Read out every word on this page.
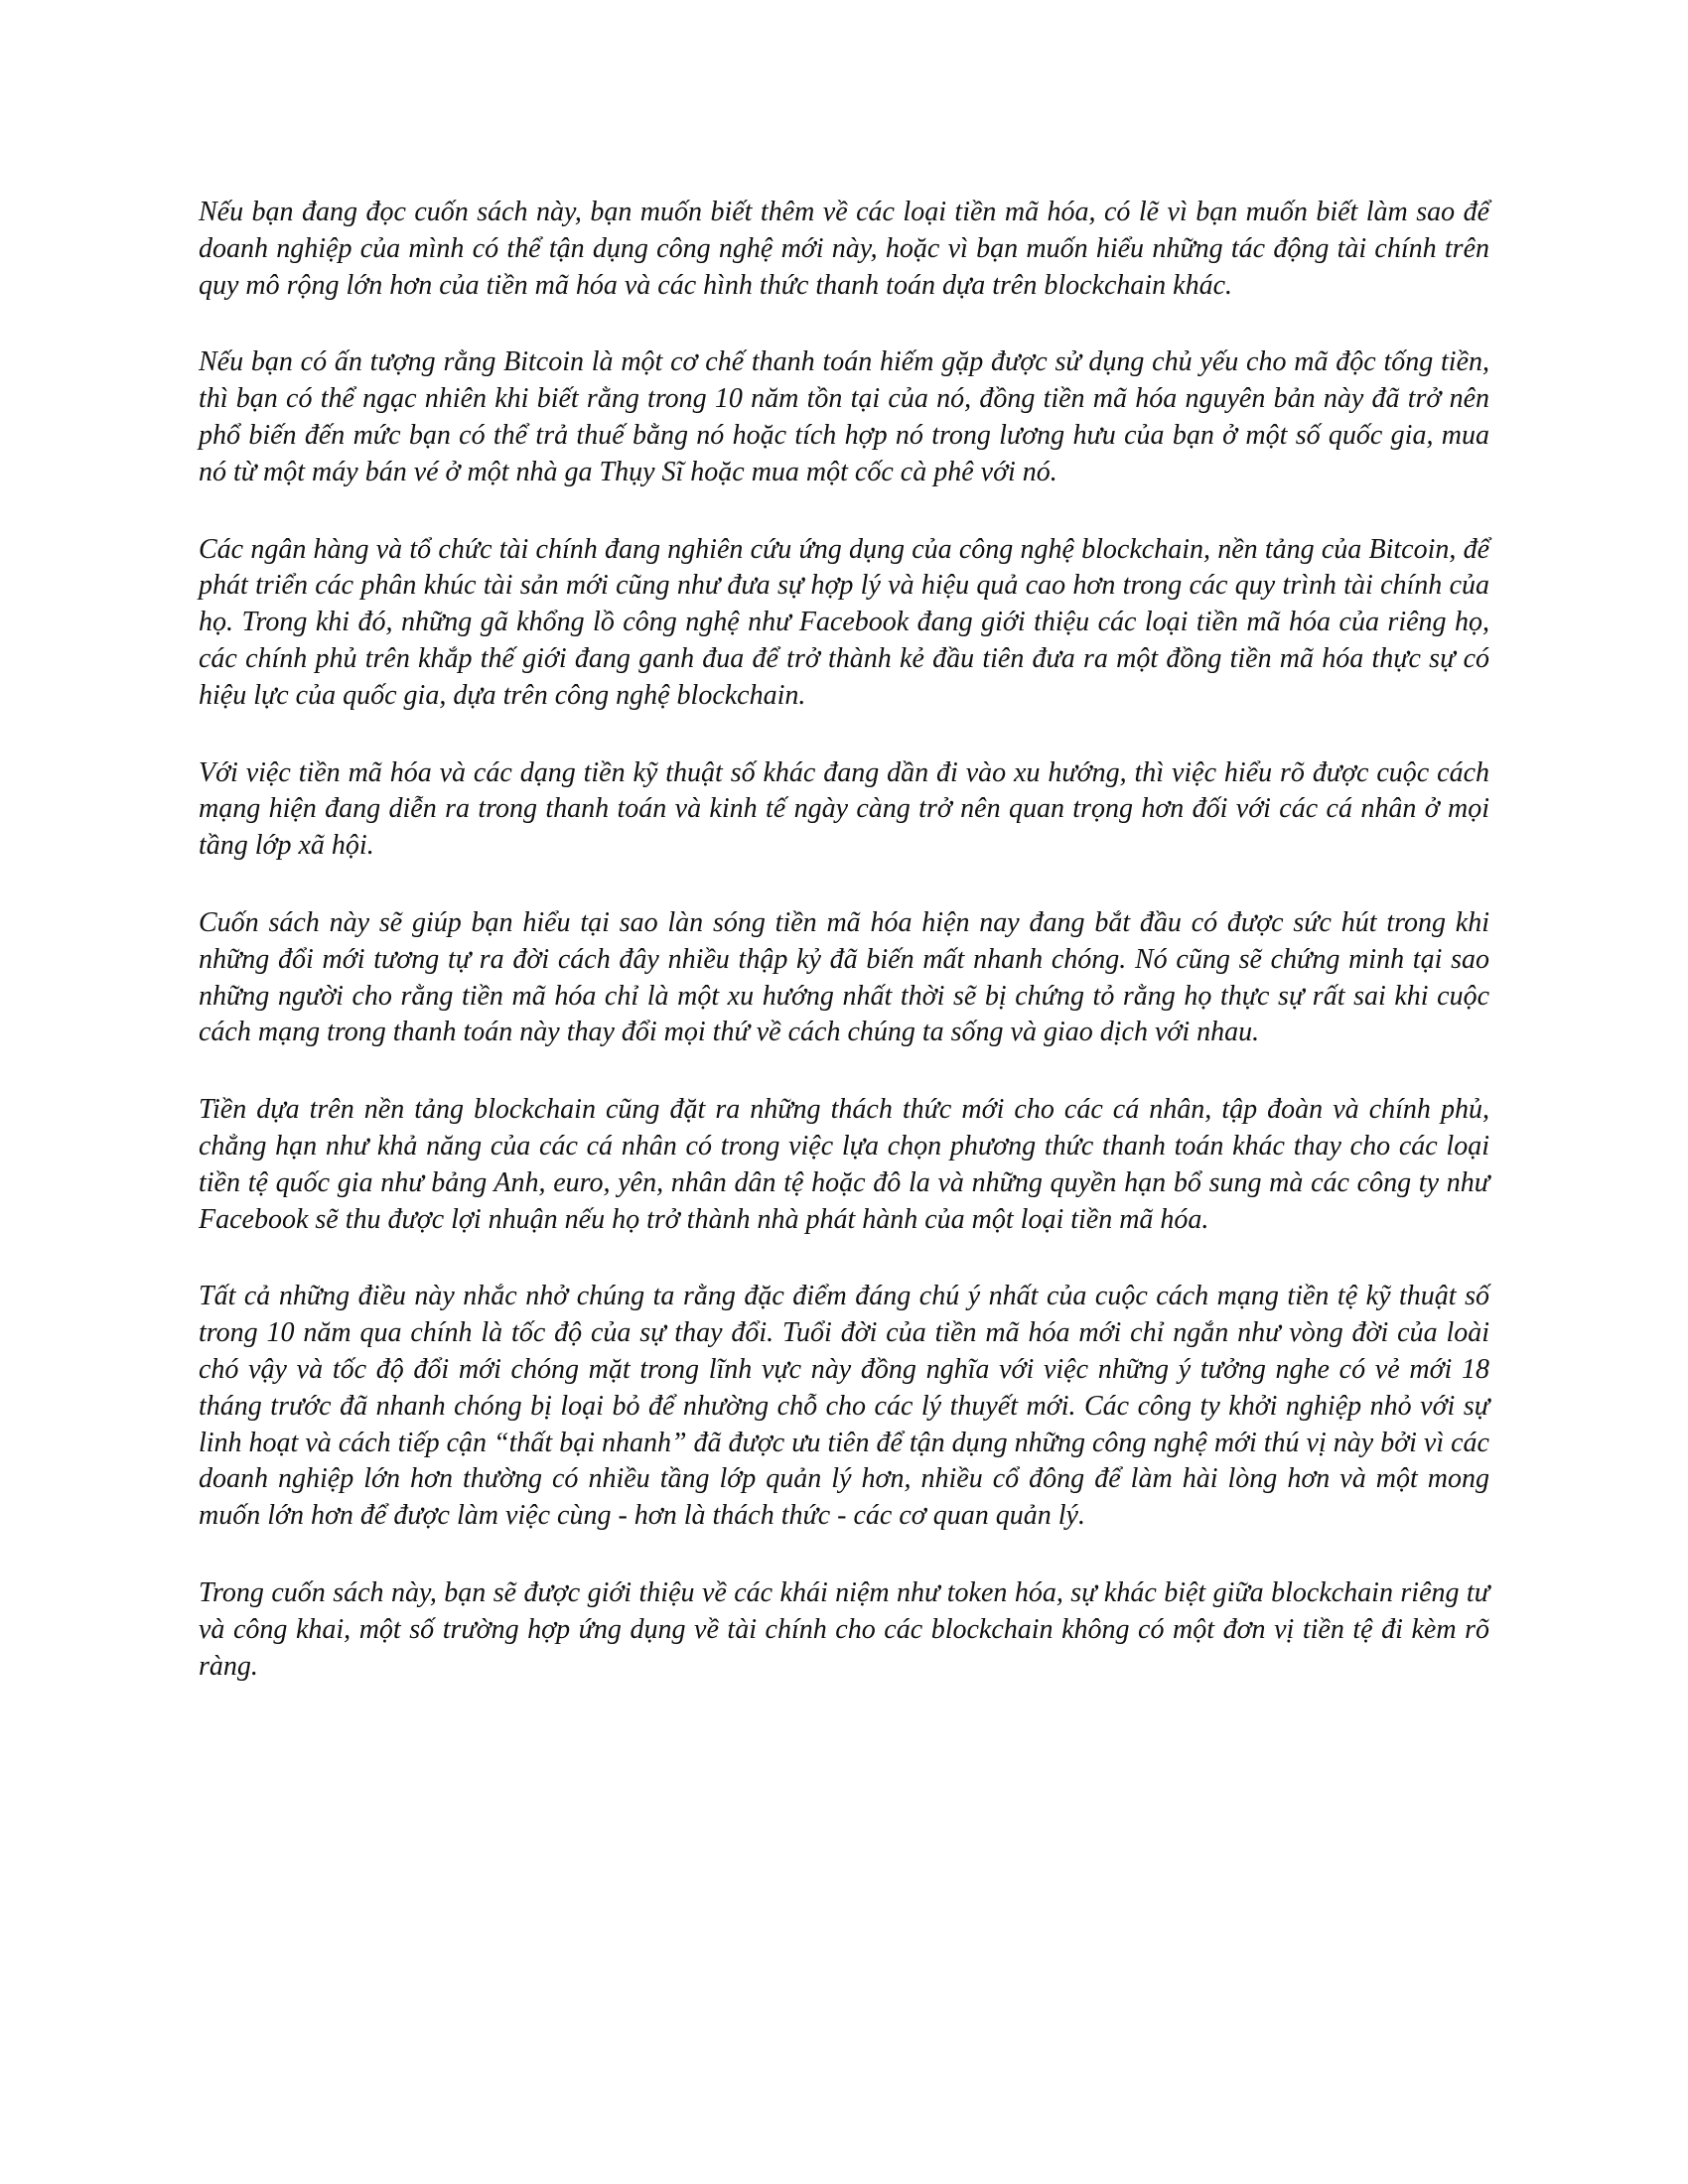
Nếu bạn đang đọc cuốn sách này, bạn muốn biết thêm về các loại tiền mã hóa, có lẽ vì bạn muốn biết làm sao để doanh nghiệp của mình có thể tận dụng công nghệ mới này, hoặc vì bạn muốn hiểu những tác động tài chính trên quy mô rộng lớn hơn của tiền mã hóa và các hình thức thanh toán dựa trên blockchain khác.

Nếu bạn có ấn tượng rằng Bitcoin là một cơ chế thanh toán hiếm gặp được sử dụng chủ yếu cho mã độc tống tiền, thì bạn có thể ngạc nhiên khi biết rằng trong 10 năm tồn tại của nó, đồng tiền mã hóa nguyên bản này đã trở nên phổ biến đến mức bạn có thể trả thuế bằng nó hoặc tích hợp nó trong lương hưu của bạn ở một số quốc gia, mua nó từ một máy bán vé ở một nhà ga Thụy Sĩ hoặc mua một cốc cà phê với nó.

Các ngân hàng và tổ chức tài chính đang nghiên cứu ứng dụng của công nghệ blockchain, nền tảng của Bitcoin, để phát triển các phân khúc tài sản mới cũng như đưa sự hợp lý và hiệu quả cao hơn trong các quy trình tài chính của họ. Trong khi đó, những gã khổng lồ công nghệ như Facebook đang giới thiệu các loại tiền mã hóa của riêng họ, các chính phủ trên khắp thế giới đang ganh đua để trở thành kẻ đầu tiên đưa ra một đồng tiền mã hóa thực sự có hiệu lực của quốc gia, dựa trên công nghệ blockchain.

Với việc tiền mã hóa và các dạng tiền kỹ thuật số khác đang dần đi vào xu hướng, thì việc hiểu rõ được cuộc cách mạng hiện đang diễn ra trong thanh toán và kinh tế ngày càng trở nên quan trọng hơn đối với các cá nhân ở mọi tầng lớp xã hội.

Cuốn sách này sẽ giúp bạn hiểu tại sao làn sóng tiền mã hóa hiện nay đang bắt đầu có được sức hút trong khi những đổi mới tương tự ra đời cách đây nhiều thập kỷ đã biến mất nhanh chóng. Nó cũng sẽ chứng minh tại sao những người cho rằng tiền mã hóa chỉ là một xu hướng nhất thời sẽ bị chứng tỏ rằng họ thực sự rất sai khi cuộc cách mạng trong thanh toán này thay đổi mọi thứ về cách chúng ta sống và giao dịch với nhau.

Tiền dựa trên nền tảng blockchain cũng đặt ra những thách thức mới cho các cá nhân, tập đoàn và chính phủ, chẳng hạn như khả năng của các cá nhân có trong việc lựa chọn phương thức thanh toán khác thay cho các loại tiền tệ quốc gia như bảng Anh, euro, yên, nhân dân tệ hoặc đô la và những quyền hạn bổ sung mà các công ty như Facebook sẽ thu được lợi nhuận nếu họ trở thành nhà phát hành của một loại tiền mã hóa.

Tất cả những điều này nhắc nhở chúng ta rằng đặc điểm đáng chú ý nhất của cuộc cách mạng tiền tệ kỹ thuật số trong 10 năm qua chính là tốc độ của sự thay đổi. Tuổi đời của tiền mã hóa mới chỉ ngắn như vòng đời của loài chó vậy và tốc độ đổi mới chóng mặt trong lĩnh vực này đồng nghĩa với việc những ý tưởng nghe có vẻ mới 18 tháng trước đã nhanh chóng bị loại bỏ để nhường chỗ cho các lý thuyết mới. Các công ty khởi nghiệp nhỏ với sự linh hoạt và cách tiếp cận “thất bại nhanh” đã được ưu tiên để tận dụng những công nghệ mới thú vị này bởi vì các doanh nghiệp lớn hơn thường có nhiều tầng lớp quản lý hơn, nhiều cổ đông để làm hài lòng hơn và một mong muốn lớn hơn để được làm việc cùng - hơn là thách thức - các cơ quan quản lý.

Trong cuốn sách này, bạn sẽ được giới thiệu về các khái niệm như token hóa, sự khác biệt giữa blockchain riêng tư và công khai, một số trường hợp ứng dụng về tài chính cho các blockchain không có một đơn vị tiền tệ đi kèm rõ ràng.
